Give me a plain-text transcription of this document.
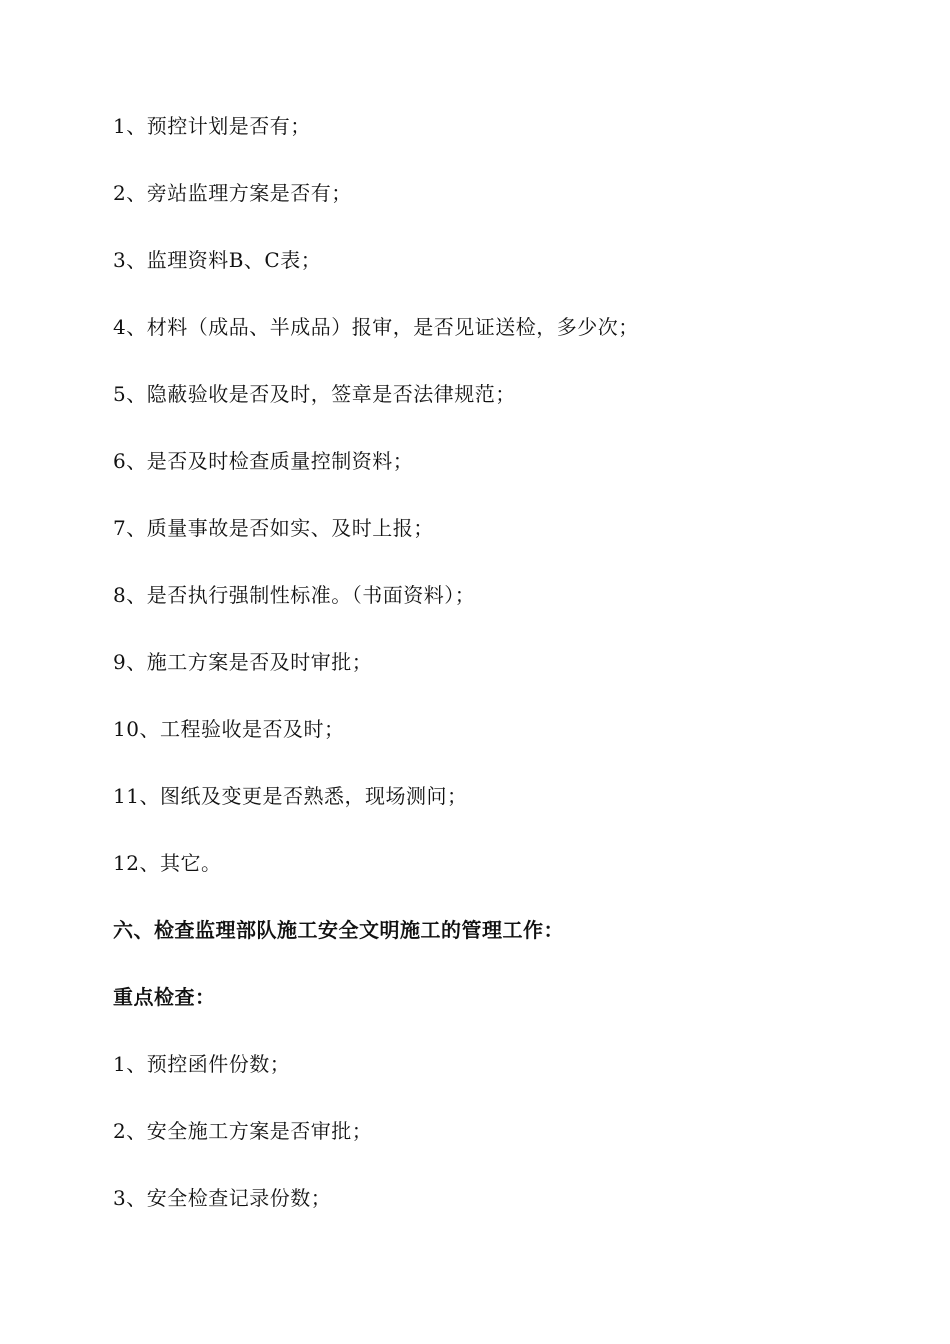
1、预控计划是否有；
2、旁站监理方案是否有；
3、监理资料B、C表；
4、材料（成品、半成品）报审，是否见证送检，多少次；
5、隐蔽验收是否及时，签章是否法律规范；
6、是否及时检查质量控制资料；
7、质量事故是否如实、及时上报；
8、是否执行强制性标准。（书面资料）；
9、施工方案是否及时审批；
10、工程验收是否及时；
11、图纸及变更是否熟悉，现场测问；
12、其它。
六、检查监理部队施工安全文明施工的管理工作：
重点检查：
1、预控函件份数；
2、安全施工方案是否审批；
3、安全检查记录份数；
